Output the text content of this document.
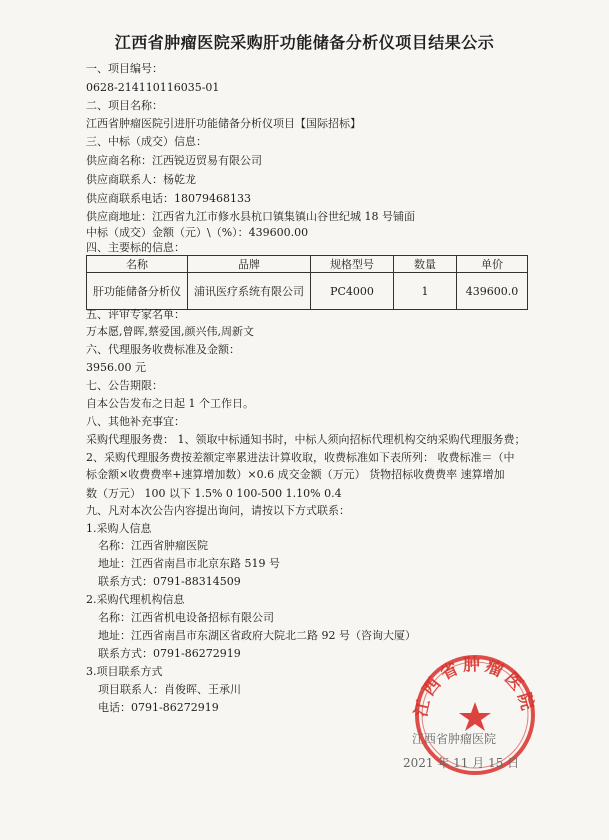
江西省肿瘤医院采购肝功能储备分析仪项目结果公示
一、项目编号：
0628-214110116035-01
二、项目名称：
江西省肿瘤医院引进肝功能储备分析仪项目【国际招标】
三、中标（成交）信息：
供应商名称：江西锐迈贸易有限公司
供应商联系人：杨乾龙
供应商联系电话：18079468133
供应商地址：江西省九江市修水县杭口镇集镇山谷世纪城 18 号铺面
中标（成交）金额（元）\（%）：439600.00
四、主要标的信息：
名称	品牌	规格型号	数量	单价
肝功能储备分析仪	浦讯医疗系统有限公司	PC4000	1	439600.0
五、评审专家名单：
万本愿,曾晖,蔡爱国,颜兴伟,周新文
六、代理服务收费标准及金额：
3956.00 元
七、公告期限：
自本公告发布之日起 1 个工作日。
八、其他补充事宜：
采购代理服务费： 1、领取中标通知书时，中标人须向招标代理机构交纳采购代理服务费；
2、采购代理服务费按差额定率累进法计算收取，收费标准如下表所列： 收费标准＝（中
标金额×收费费率+速算增加数）×0.6 成交金额（万元） 货物招标收费费率 速算增加
数（万元） 100 以下 1.5% 0 100-500 1.10% 0.4
九、凡对本次公告内容提出询问，请按以下方式联系：
1.采购人信息
名称：江西省肿瘤医院
地址：江西省南昌市北京东路 519 号
联系方式：0791-88314509
2.采购代理机构信息
名称：江西省机电设备招标有限公司
地址：江西省南昌市东湖区省政府大院北二路 92 号（咨询大厦）
联系方式：0791-86272919
3.项目联系方式
项目联系人：肖俊晖、王承川
电话：0791-86272919	江西省肿瘤医院
江西省肿瘤医院
2021 年 11 月 15 日
